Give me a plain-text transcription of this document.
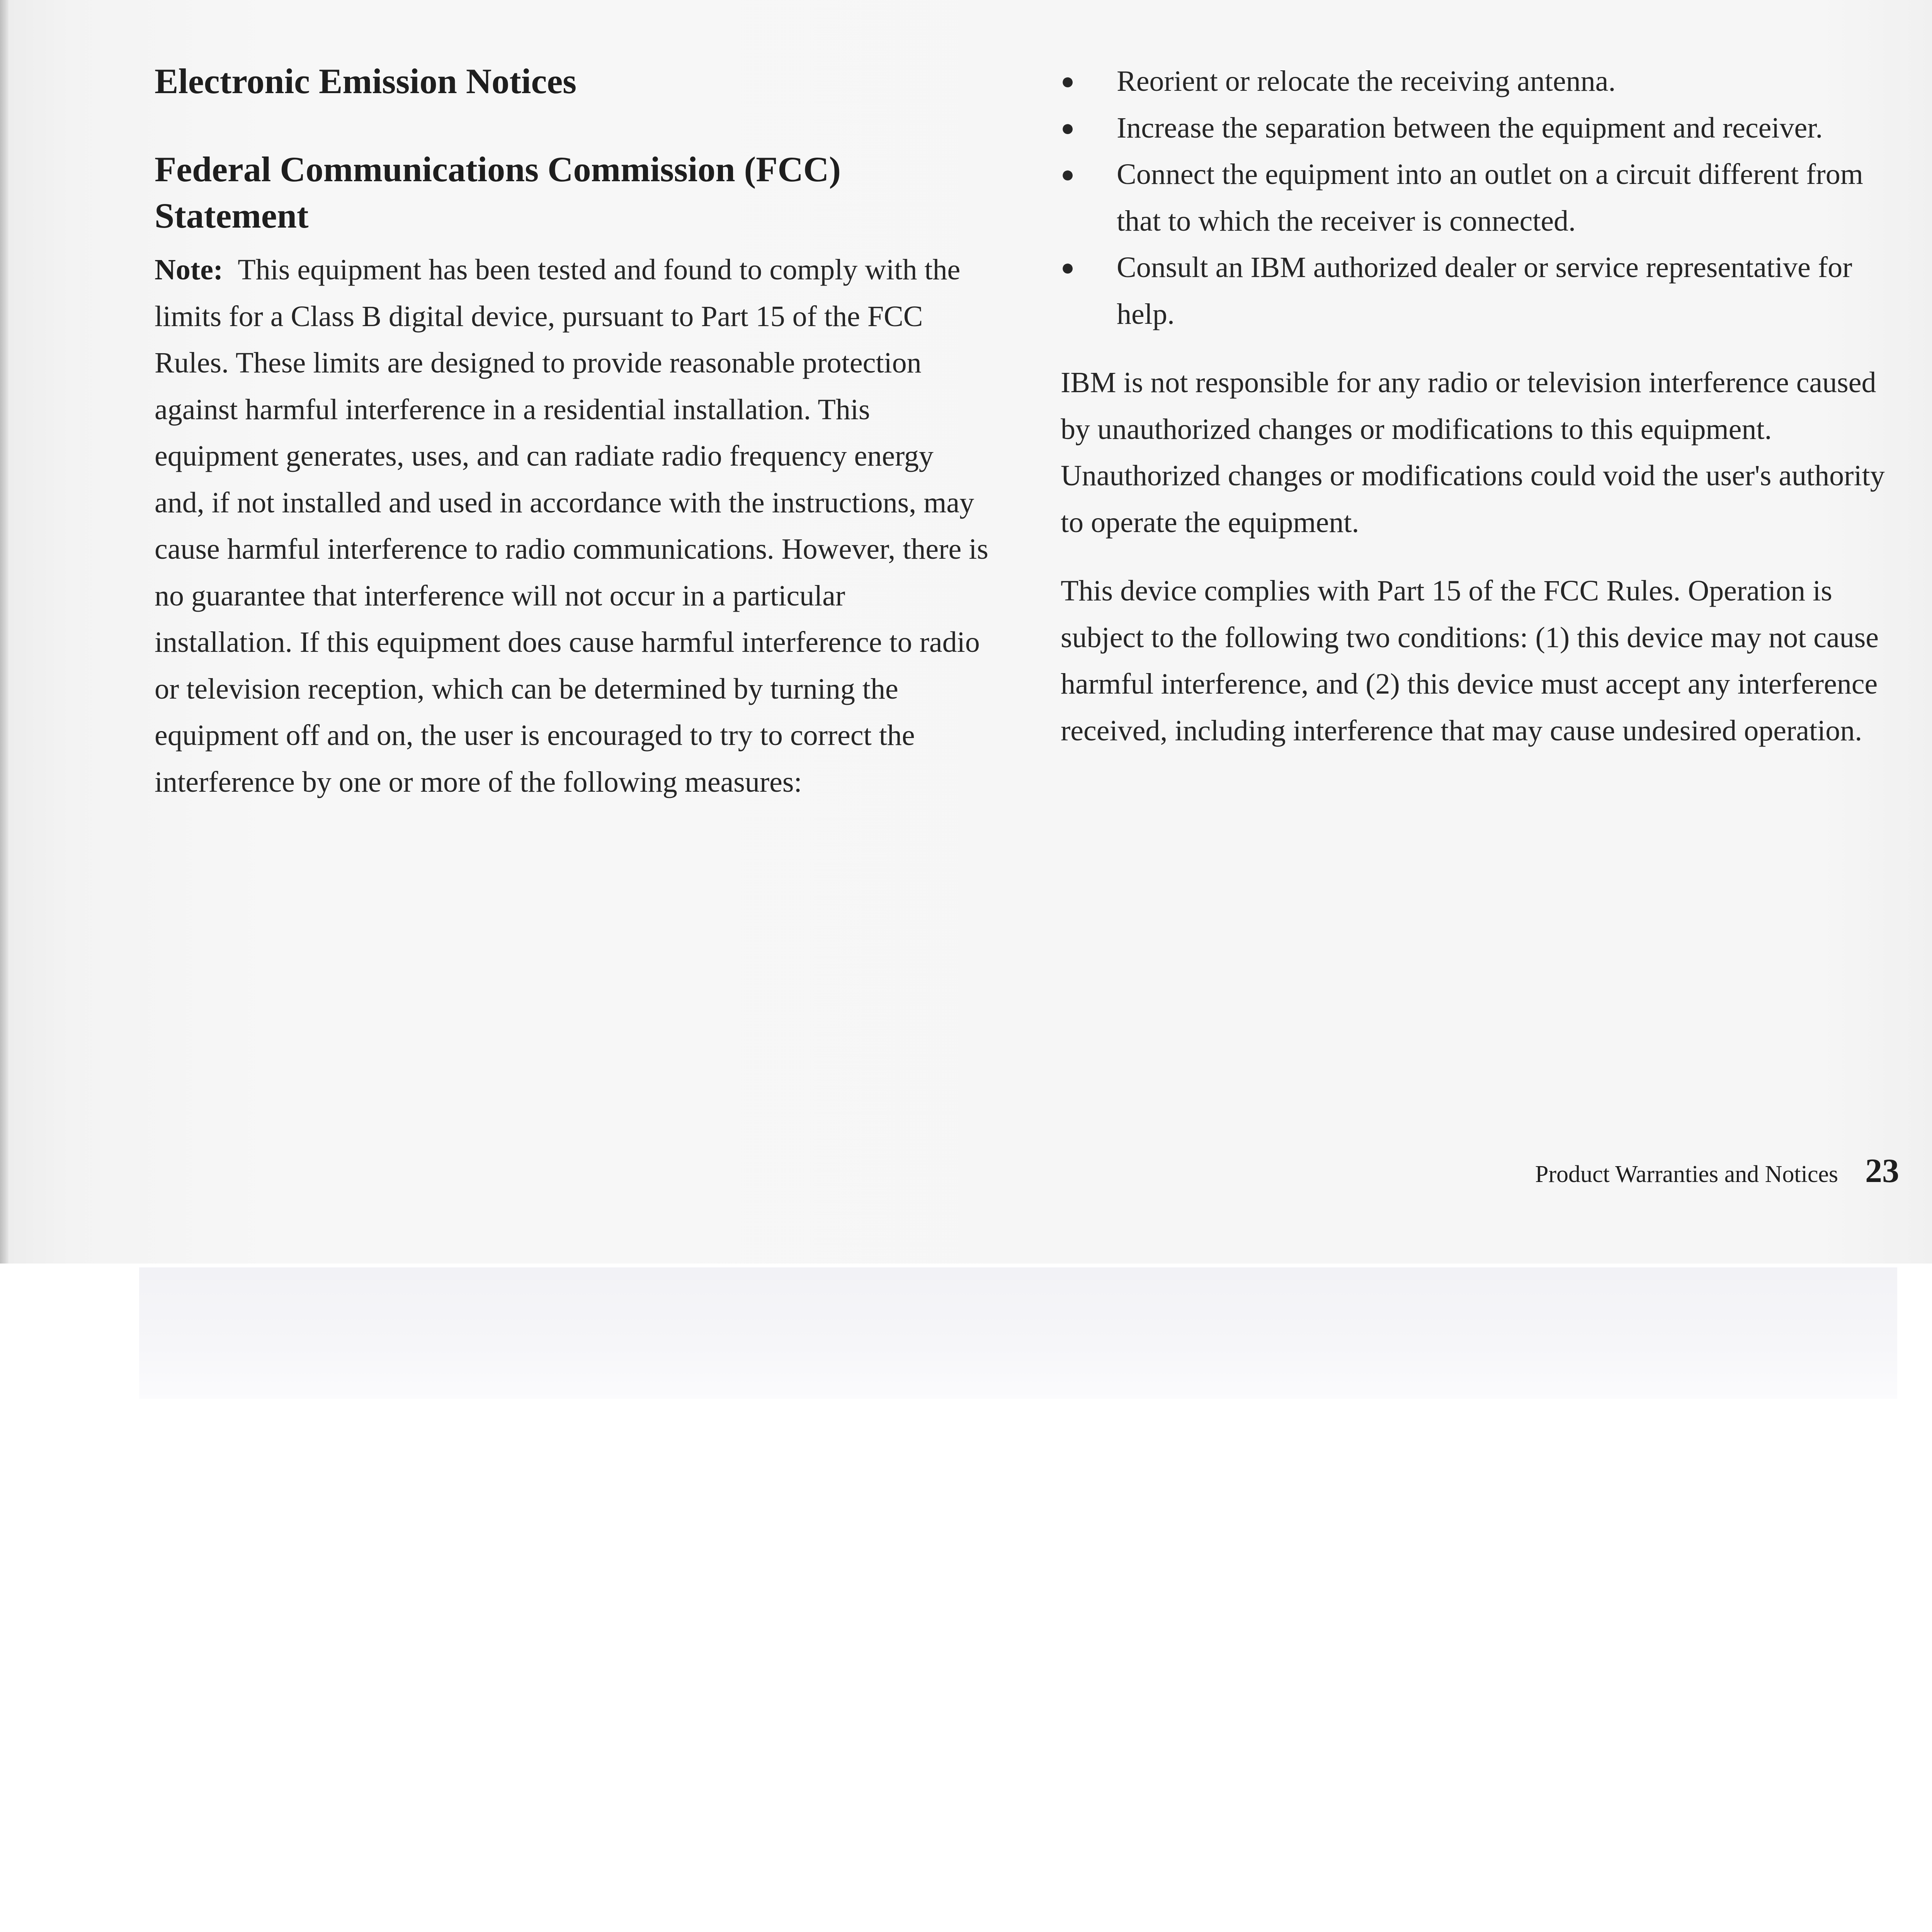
Electronic Emission Notices
Federal Communications Commission (FCC) Statement

Note: This equipment has been tested and found to comply with the limits for a Class B digital device, pursuant to Part 15 of the FCC Rules. These limits are designed to provide reasonable protection against harmful interference in a residential installation. This equipment generates, uses, and can radiate radio frequency energy and, if not installed and used in accordance with the instructions, may cause harmful interference to radio communications. However, there is no guarantee that interference will not occur in a particular installation. If this equipment does cause harmful interference to radio or television reception, which can be determined by turning the equipment off and on, the user is encouraged to try to correct the interference by one or more of the following measures:

●	Reorient or relocate the receiving antenna.
●	Increase the separation between the equipment and receiver.
●	Connect the equipment into an outlet on a circuit different from that to which the receiver is connected.
●	Consult an IBM authorized dealer or service representative for help.

IBM is not responsible for any radio or television interference caused by unauthorized changes or modifications to this equipment. Unauthorized changes or modifications could void the user's authority to operate the equipment.

This device complies with Part 15 of the FCC Rules. Operation is subject to the following two conditions: (1) this device may not cause harmful interference, and (2) this device must accept any interference received, including interference that may cause undesired operation.

Product Warranties and Notices 23
